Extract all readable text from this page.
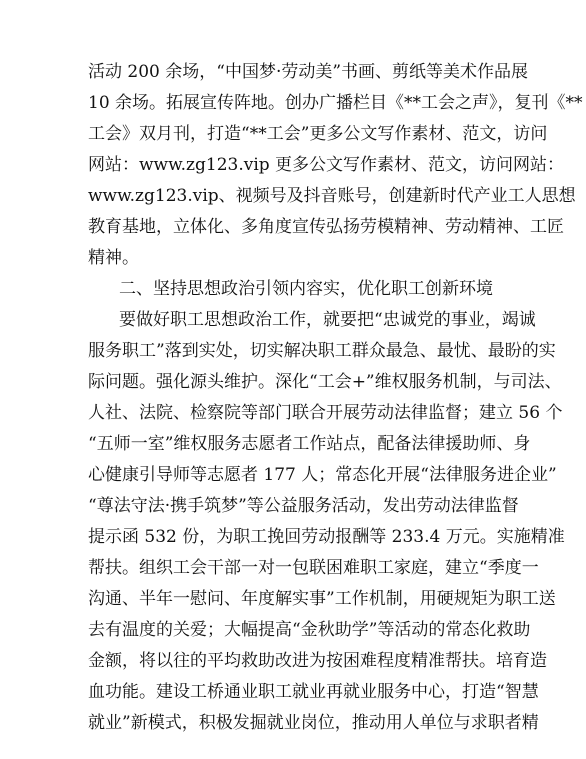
活动 200 余场，“中国梦·劳动美”书画、剪纸等美术作品展
10 余场。拓展宣传阵地。创办广播栏目《**工会之声》，复刊《**
工会》双月刊，打造“**工会”更多公文写作素材、范文，访问
网站：www.zg123.vip 更多公文写作素材、范文，访问网站：
www.zg123.vip、视频号及抖音账号，创建新时代产业工人思想
教育基地，立体化、多角度宣传弘扬劳模精神、劳动精神、工匠
精神。
二、坚持思想政治引领内容实，优化职工创新环境
要做好职工思想政治工作，就要把“忠诚党的事业，竭诚
服务职工”落到实处，切实解决职工群众最急、最忧、最盼的实
际问题。强化源头维护。深化“工会+”维权服务机制，与司法、
人社、法院、检察院等部门联合开展劳动法律监督；建立 56 个
“五师一室”维权服务志愿者工作站点，配备法律援助师、身
心健康引导师等志愿者 177 人；常态化开展“法律服务进企业”
“尊法守法·携手筑梦”等公益服务活动，发出劳动法律监督
提示函 532 份，为职工挽回劳动报酬等 233.4 万元。实施精准
帮扶。组织工会干部一对一包联困难职工家庭，建立“季度一
沟通、半年一慰问、年度解实事”工作机制，用硬规矩为职工送
去有温度的关爱；大幅提高“金秋助学”等活动的常态化救助
金额，将以往的平均救助改进为按困难程度精准帮扶。培育造
血功能。建设工桥通业职工就业再就业服务中心，打造“智慧
就业”新模式，积极发掘就业岗位，推动用人单位与求职者精
